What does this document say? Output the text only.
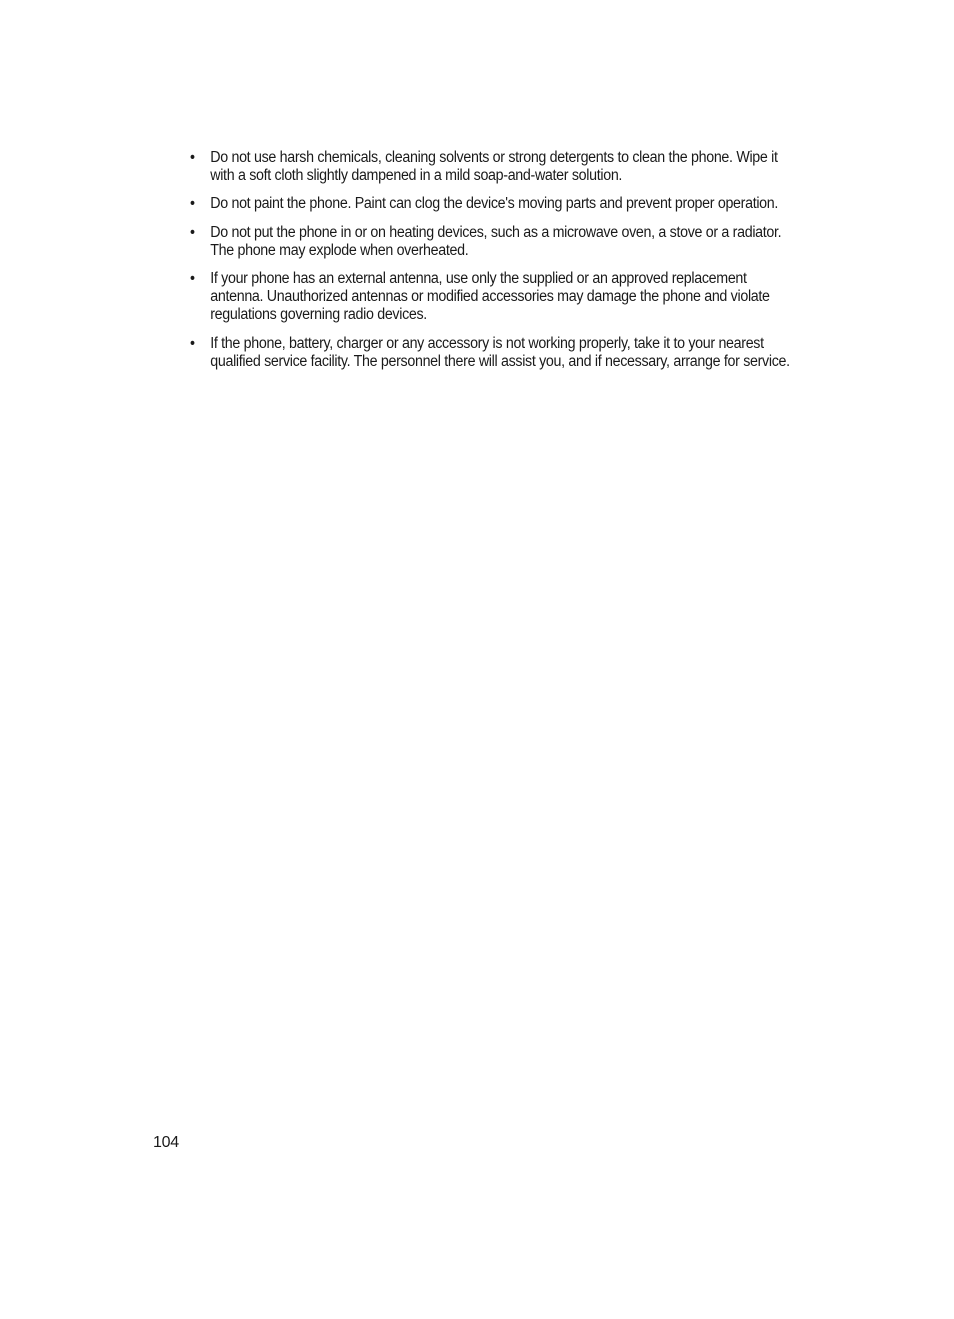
• Do not use harsh chemicals, cleaning solvents or strong detergents to clean the phone. Wipe it with a soft cloth slightly dampened in a mild soap-and-water solution.
• Do not paint the phone. Paint can clog the device's moving parts and prevent proper operation.
• Do not put the phone in or on heating devices, such as a microwave oven, a stove or a radiator. The phone may explode when overheated.
• If your phone has an external antenna, use only the supplied or an approved replacement antenna. Unauthorized antennas or modified accessories may damage the phone and violate regulations governing radio devices.
• If the phone, battery, charger or any accessory is not working properly, take it to your nearest qualified service facility. The personnel there will assist you, and if necessary, arrange for service.
104
